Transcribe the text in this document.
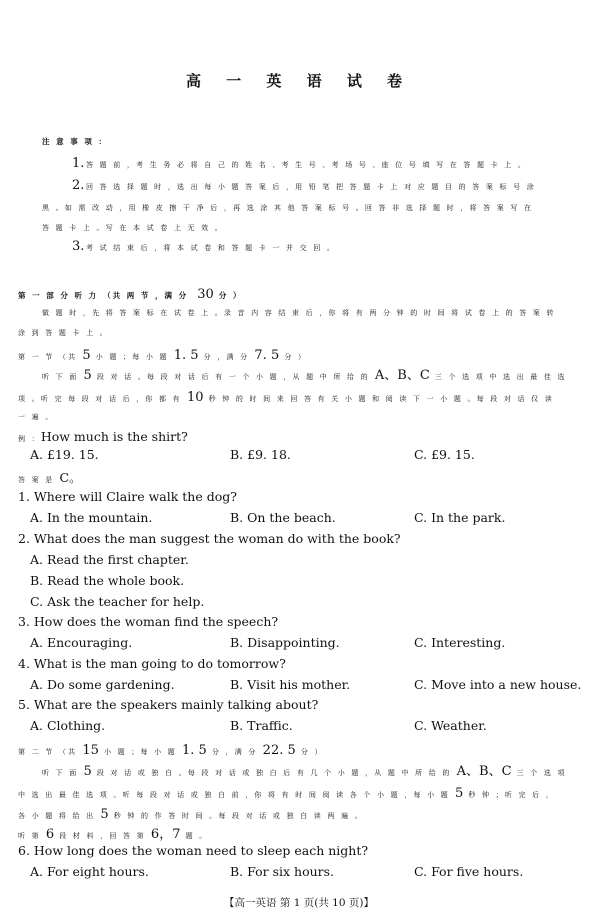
高 一 英 语 试 卷
注 意 事 项 ：
1. 答 题 前 ，考 生 务 必 将 自 己 的 姓 名 、考 生 号 、考 场 号 、座 位 号 填 写 在 答 题 卡 上 。
2. 回 答 选 择 题 时 ，选 出 每 小 题 答 案 后 ，用 铅 笔 把 答 题 卡 上 对 应 题 目 的 答 案 标 号 涂
黑 。如 需 改 动 ，用 橡 皮 擦 干 净 后 ，再 选 涂 其 他 答 案 标 号 。回 答 非 选 择 题 时 ，将 答 案 写 在
答 题 卡 上 。写 在 本 试 卷 上 无 效 。
3. 考 试 结 束 后 ，将 本 试 卷 和 答 题 卡 一 并 交 回 。
第 一 部 分 听 力 （共 两 节 ，满 分 30 分 ）
做 题 时 ，先 将 答 案 标 在 试 卷 上 。录 音 内 容 结 束 后 ，你 将 有 两 分 钟 的 时 间 将 试 卷 上 的 答 案 转
涂 到 答 题 卡 上 。
第 一 节 （共 5 小 题 ；每 小 题 1. 5 分 ，满 分 7. 5 分 ）
听 下 面 5 段 对 话 。每 段 对 话 后 有 一 个 小 题 ，从 题 中 所 给 的 A、B、C 三 个 选 项 中 选 出 最 佳 选
项 。听 完 每 段 对 话 后 ，你 都 有 10 秒 钟 的 时 间 来 回 答 有 关 小 题 和 阅 读 下 一 小 题 。每 段 对 话 仅 读
一 遍 。
例 ：How much is the shirt?
A. £19. 15.	B. £9. 18.	C. £9. 15.
答 案 是 C。
1. Where will Claire walk the dog?
A. In the mountain.	B. On the beach.	C. In the park.
2. What does the man suggest the woman do with the book?
A. Read the first chapter.
B. Read the whole book.
C. Ask the teacher for help.
3. How does the woman find the speech?
A. Encouraging.	B. Disappointing.	C. Interesting.
4. What is the man going to do tomorrow?
A. Do some gardening.	B. Visit his mother.	C. Move into a new house.
5. What are the speakers mainly talking about?
A. Clothing.	B. Traffic.	C. Weather.
第 二 节 （共 15 小 题 ；每 小 题 1. 5 分 ，满 分 22. 5 分 ）
听 下 面 5 段 对 话 或 独 白 。每 段 对 话 或 独 白 后 有 几 个 小 题 ，从 题 中 所 给 的 A、B、C 三 个 选 项
中 选 出 最 佳 选 项 。听 每 段 对 话 或 独 白 前 ，你 将 有 时 间 阅 读 各 个 小 题 ，每 小 题 5 秒 钟 ；听 完 后 ，
各 小 题 将 给 出 5 秒 钟 的 作 答 时 间 。每 段 对 话 或 独 白 读 两 遍 。
听 第 6 段 材 料 ，回 答 第 6，7 题 。
6. How long does the woman need to sleep each night?
A. For eight hours.	B. For six hours.	C. For five hours.
【高一英语 第 1 页(共 10 页)】
